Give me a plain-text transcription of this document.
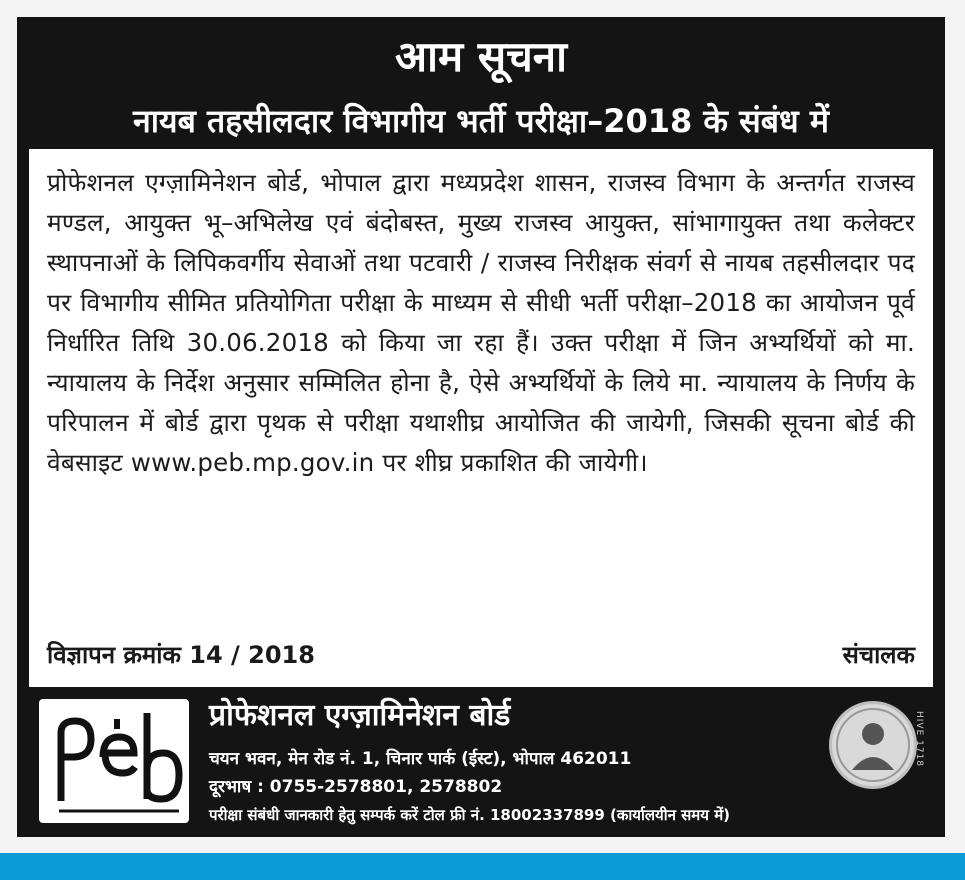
आम सूचना
नायब तहसीलदार विभागीय भर्ती परीक्षा–2018 के संबंध में

प्रोफेशनल एग्ज़ामिनेशन बोर्ड, भोपाल द्वारा मध्यप्रदेश शासन, राजस्व विभाग के अन्तर्गत राजस्व मण्डल, आयुक्त भू–अभिलेख एवं बंदोबस्त, मुख्य राजस्व आयुक्त, सांभागायुक्त तथा कलेक्टर स्थापनाओं के लिपिकवर्गीय सेवाओं तथा पटवारी / राजस्व निरीक्षक संवर्ग से नायब तहसीलदार पद पर विभागीय सीमित प्रतियोगिता परीक्षा के माध्यम से सीधी भर्ती परीक्षा–2018 का आयोजन पूर्व निर्धारित तिथि 30.06.2018 को किया जा रहा हैं। उक्त परीक्षा में जिन अभ्यर्थियों को मा. न्यायालय के निर्देश अनुसार सम्मिलित होना है, ऐसे अभ्यर्थियों के लिये मा. न्यायालय के निर्णय के परिपालन में बोर्ड द्वारा पृथक से परीक्षा यथाशीघ्र आयोजित की जायेगी, जिसकी सूचना बोर्ड की वेबसाइट www.peb.mp.gov.in पर शीघ्र प्रकाशित की जायेगी।

विज्ञापन क्रमांक 14 / 2018	संचालक

प्रोफेशनल एग्ज़ामिनेशन बोर्ड

चयन भवन, मेन रोड नं. 1, चिनार पार्क (ईस्ट), भोपाल 462011

दूरभाष : 0755-2578801, 2578802

परीक्षा संबंधी जानकारी हेतु सम्पर्क करें टोल फ्री नं. 18002337899 (कार्यालयीन समय में)

HIVE 1718
